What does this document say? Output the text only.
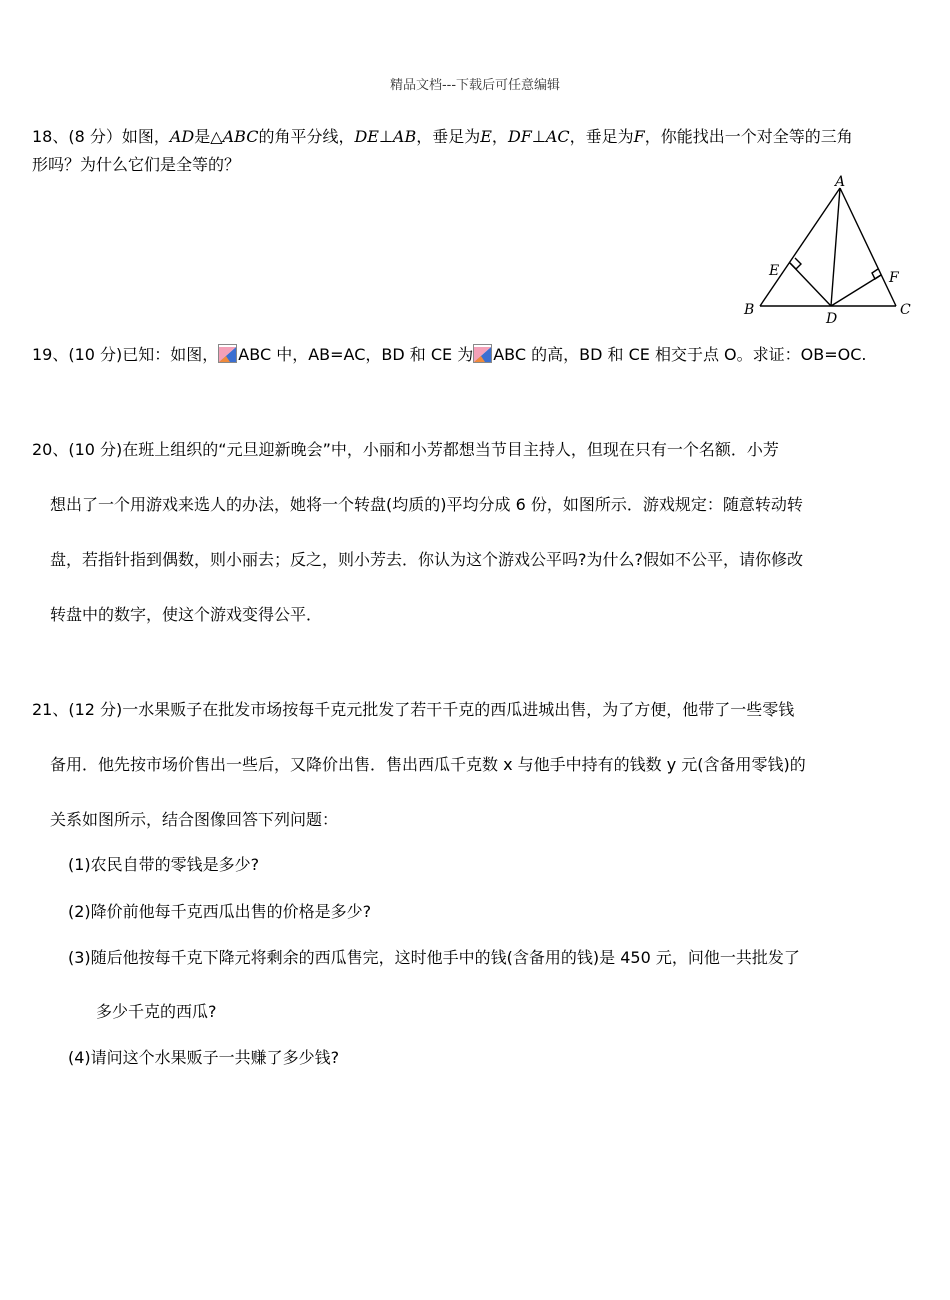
精品文档---下载后可任意编辑
18、(8 分）如图，AD是△ABC的角平分线，DE⊥AB，垂足为E，DF⊥AC，垂足为F，你能找出一个对全等的三角
形吗？为什么它们是全等的？
A
B	C
D
E	F
19、(10 分)已知：如图， ABC 中，AB=AC，BD 和 CE 为 ABC 的高，BD 和 CE 相交于点 O。求证：OB=OC.
20、(10 分)在班上组织的“元旦迎新晚会”中，小丽和小芳都想当节目主持人，但现在只有一个名额．小芳
想出了一个用游戏来选人的办法，她将一个转盘(均质的)平均分成 6 份，如图所示．游戏规定：随意转动转
盘，若指针指到偶数，则小丽去；反之，则小芳去．你认为这个游戏公平吗?为什么?假如不公平，请你修改
转盘中的数字，使这个游戏变得公平．
21、(12 分)一水果贩子在批发市场按每千克元批发了若干千克的西瓜进城出售，为了方便，他带了一些零钱
备用．他先按市场价售出一些后，又降价出售．售出西瓜千克数 x 与他手中持有的钱数 y 元(含备用零钱)的
关系如图所示，结合图像回答下列问题：
(1)农民自带的零钱是多少?
(2)降价前他每千克西瓜出售的价格是多少?
(3)随后他按每千克下降元将剩余的西瓜售完，这时他手中的钱(含备用的钱)是 450 元，问他一共批发了
多少千克的西瓜?
(4)请问这个水果贩子一共赚了多少钱?
